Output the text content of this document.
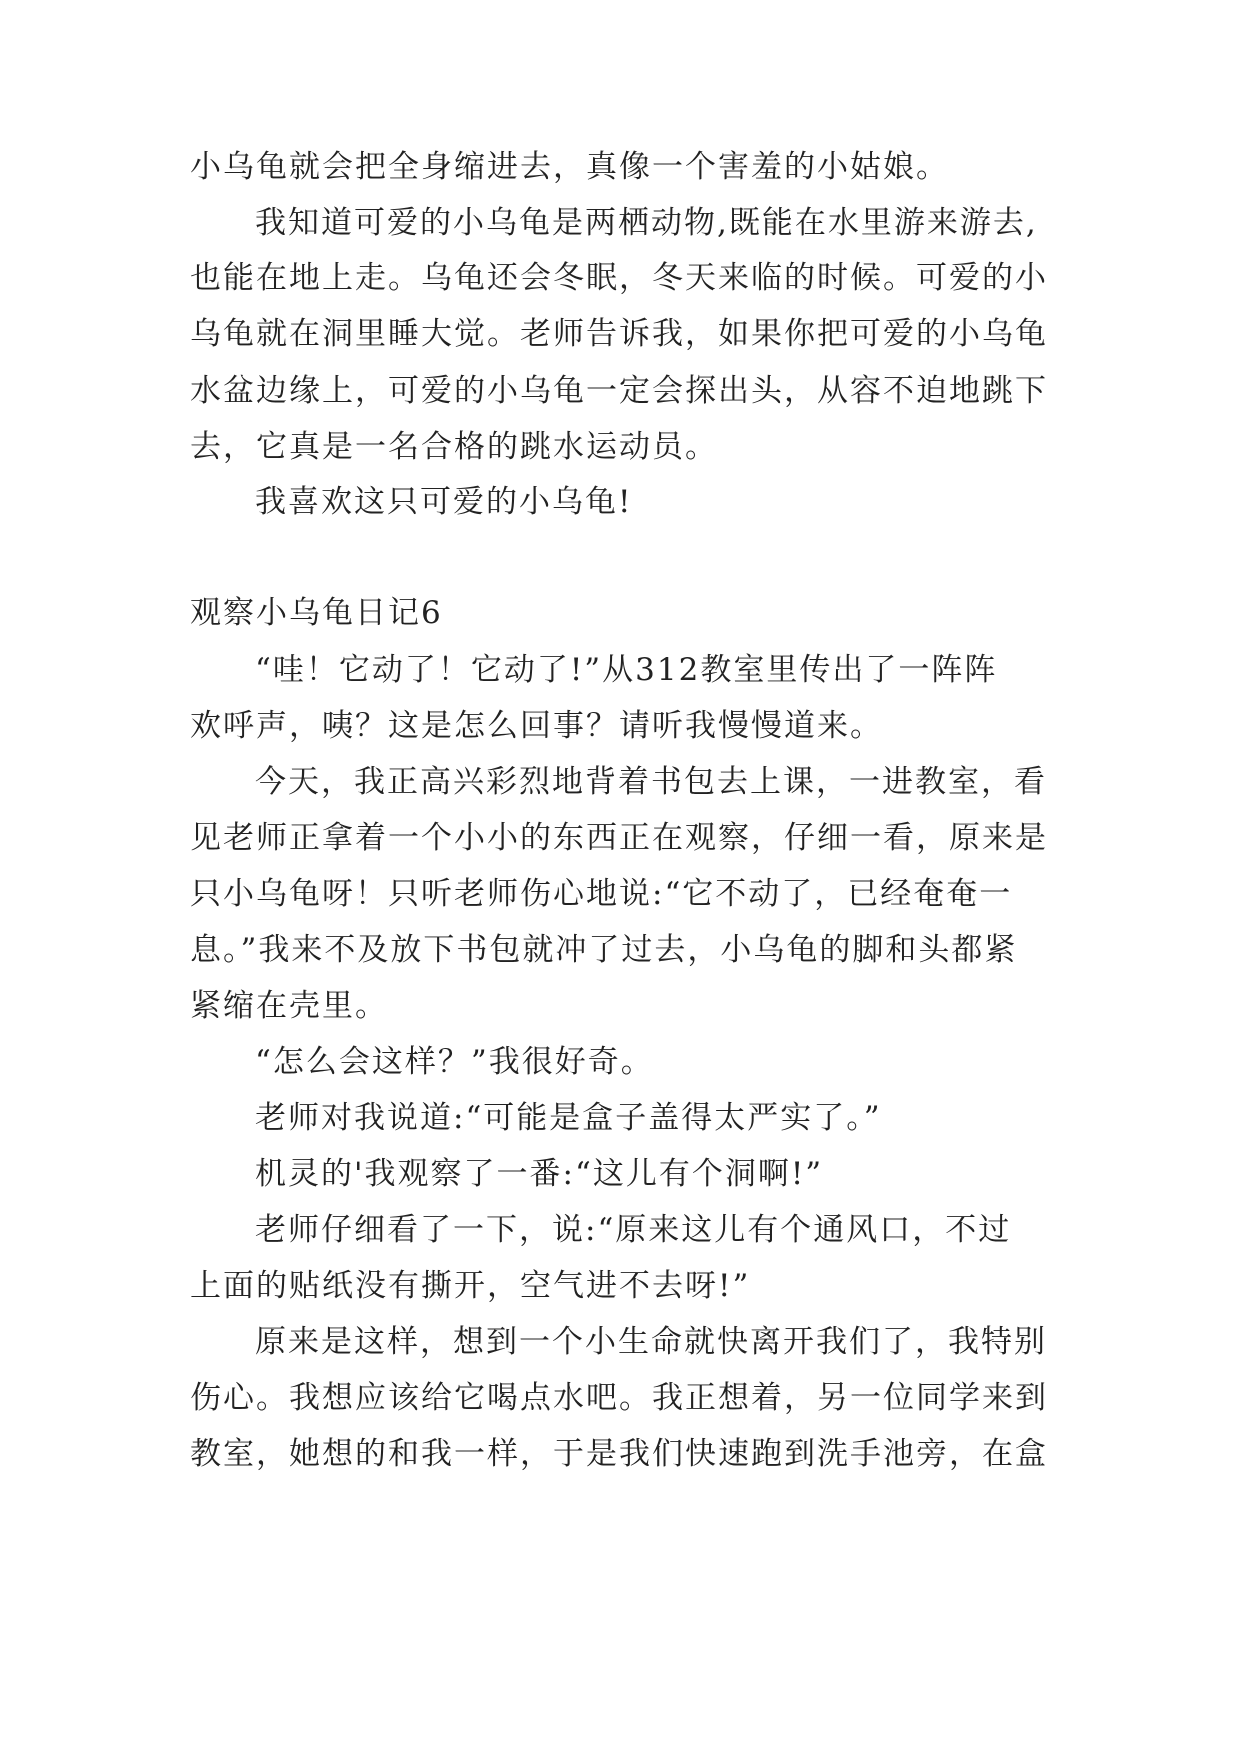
小乌龟就会把全身缩进去，真像一个害羞的小姑娘。
我知道可爱的小乌龟是两栖动物,既能在水里游来游去,
也能在地上走。乌龟还会冬眠，冬天来临的时候。可爱的小
乌龟就在洞里睡大觉。老师告诉我，如果你把可爱的小乌龟
水盆边缘上，可爱的小乌龟一定会探出头，从容不迫地跳下
去，它真是一名合格的跳水运动员。
我喜欢这只可爱的小乌龟!
观察小乌龟日记6
“哇！它动了！它动了!”从312教室里传出了一阵阵
欢呼声，咦？这是怎么回事？请听我慢慢道来。
今天，我正高兴彩烈地背着书包去上课，一进教室，看
见老师正拿着一个小小的东西正在观察，仔细一看，原来是
只小乌龟呀！只听老师伤心地说:“它不动了，已经奄奄一
息。”我来不及放下书包就冲了过去，小乌龟的脚和头都紧
紧缩在壳里。
“怎么会这样？”我很好奇。
老师对我说道:“可能是盒子盖得太严实了。”
机灵的'我观察了一番:“这儿有个洞啊!”
老师仔细看了一下，说:“原来这儿有个通风口，不过
上面的贴纸没有撕开，空气进不去呀!”
原来是这样，想到一个小生命就快离开我们了，我特别
伤心。我想应该给它喝点水吧。我正想着，另一位同学来到
教室，她想的和我一样，于是我们快速跑到洗手池旁，在盒
